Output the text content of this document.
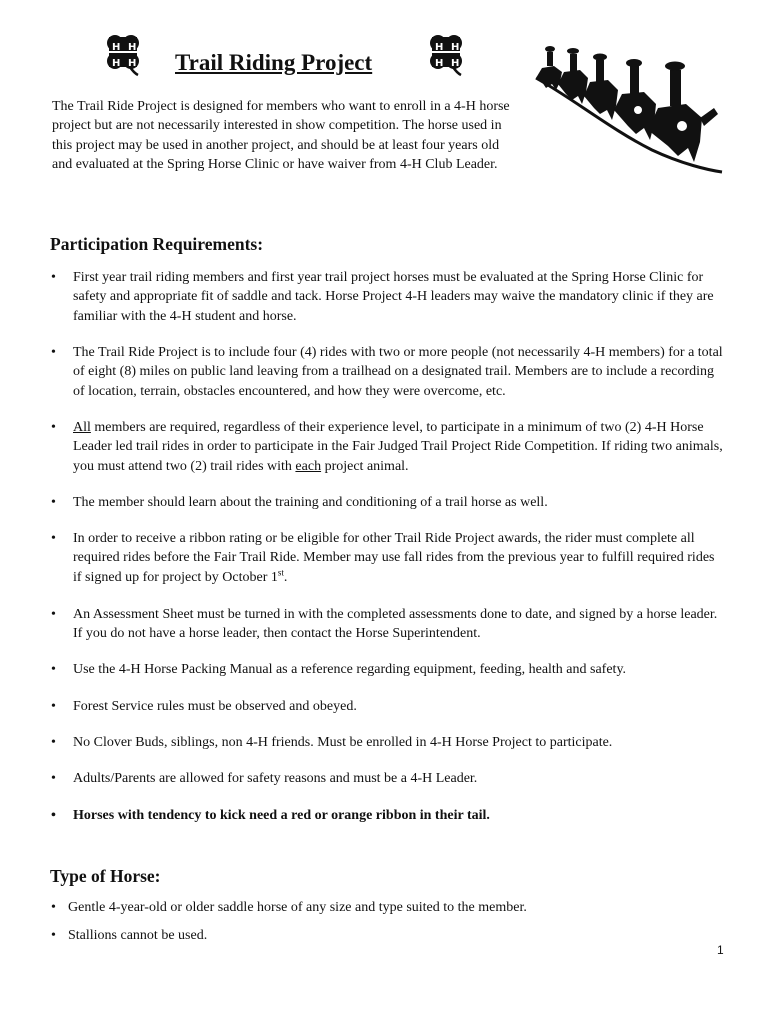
H H
H H Trail Riding Project
H H
H H

The Trail Ride Project is designed for members who want to enroll in a 4-H horse project but are not necessarily interested in show competition. The horse used in this project may be used in another project, and should be at least four years old and evaluated at the Spring Horse Clinic or have waiver from 4-H Club Leader.

Participation Requirements:
• First year trail riding members and first year trail project horses must be evaluated at the Spring Horse Clinic for safety and appropriate fit of saddle and tack. Horse Project 4-H leaders may waive the mandatory clinic if they are familiar with the 4-H student and horse.
• The Trail Ride Project is to include four (4) rides with two or more people (not necessarily 4-H members) for a total of eight (8) miles on public land leaving from a trailhead on a designated trail. Members are to include a recording of location, terrain, obstacles encountered, and how they were overcome, etc.
• All members are required, regardless of their experience level, to participate in a minimum of two (2) 4-H Horse Leader led trail rides in order to participate in the Fair Judged Trail Project Ride Competition. If riding two animals, you must attend two (2) trail rides with each project animal.
• The member should learn about the training and conditioning of a trail horse as well.
• In order to receive a ribbon rating or be eligible for other Trail Ride Project awards, the rider must complete all required rides before the Fair Trail Ride. Member may use fall rides from the previous year to fulfill required rides if signed up for project by October 1st.
• An Assessment Sheet must be turned in with the completed assessments done to date, and signed by a horse leader. If you do not have a horse leader, then contact the Horse Superintendent.
• Use the 4-H Horse Packing Manual as a reference regarding equipment, feeding, health and safety.
• Forest Service rules must be observed and obeyed.
• No Clover Buds, siblings, non 4-H friends. Must be enrolled in 4-H Horse Project to participate.
• Adults/Parents are allowed for safety reasons and must be a 4-H Leader.
• Horses with tendency to kick need a red or orange ribbon in their tail.
Type of Horse:
• Gentle 4-year-old or older saddle horse of any size and type suited to the member.
• Stallions cannot be used.
1
